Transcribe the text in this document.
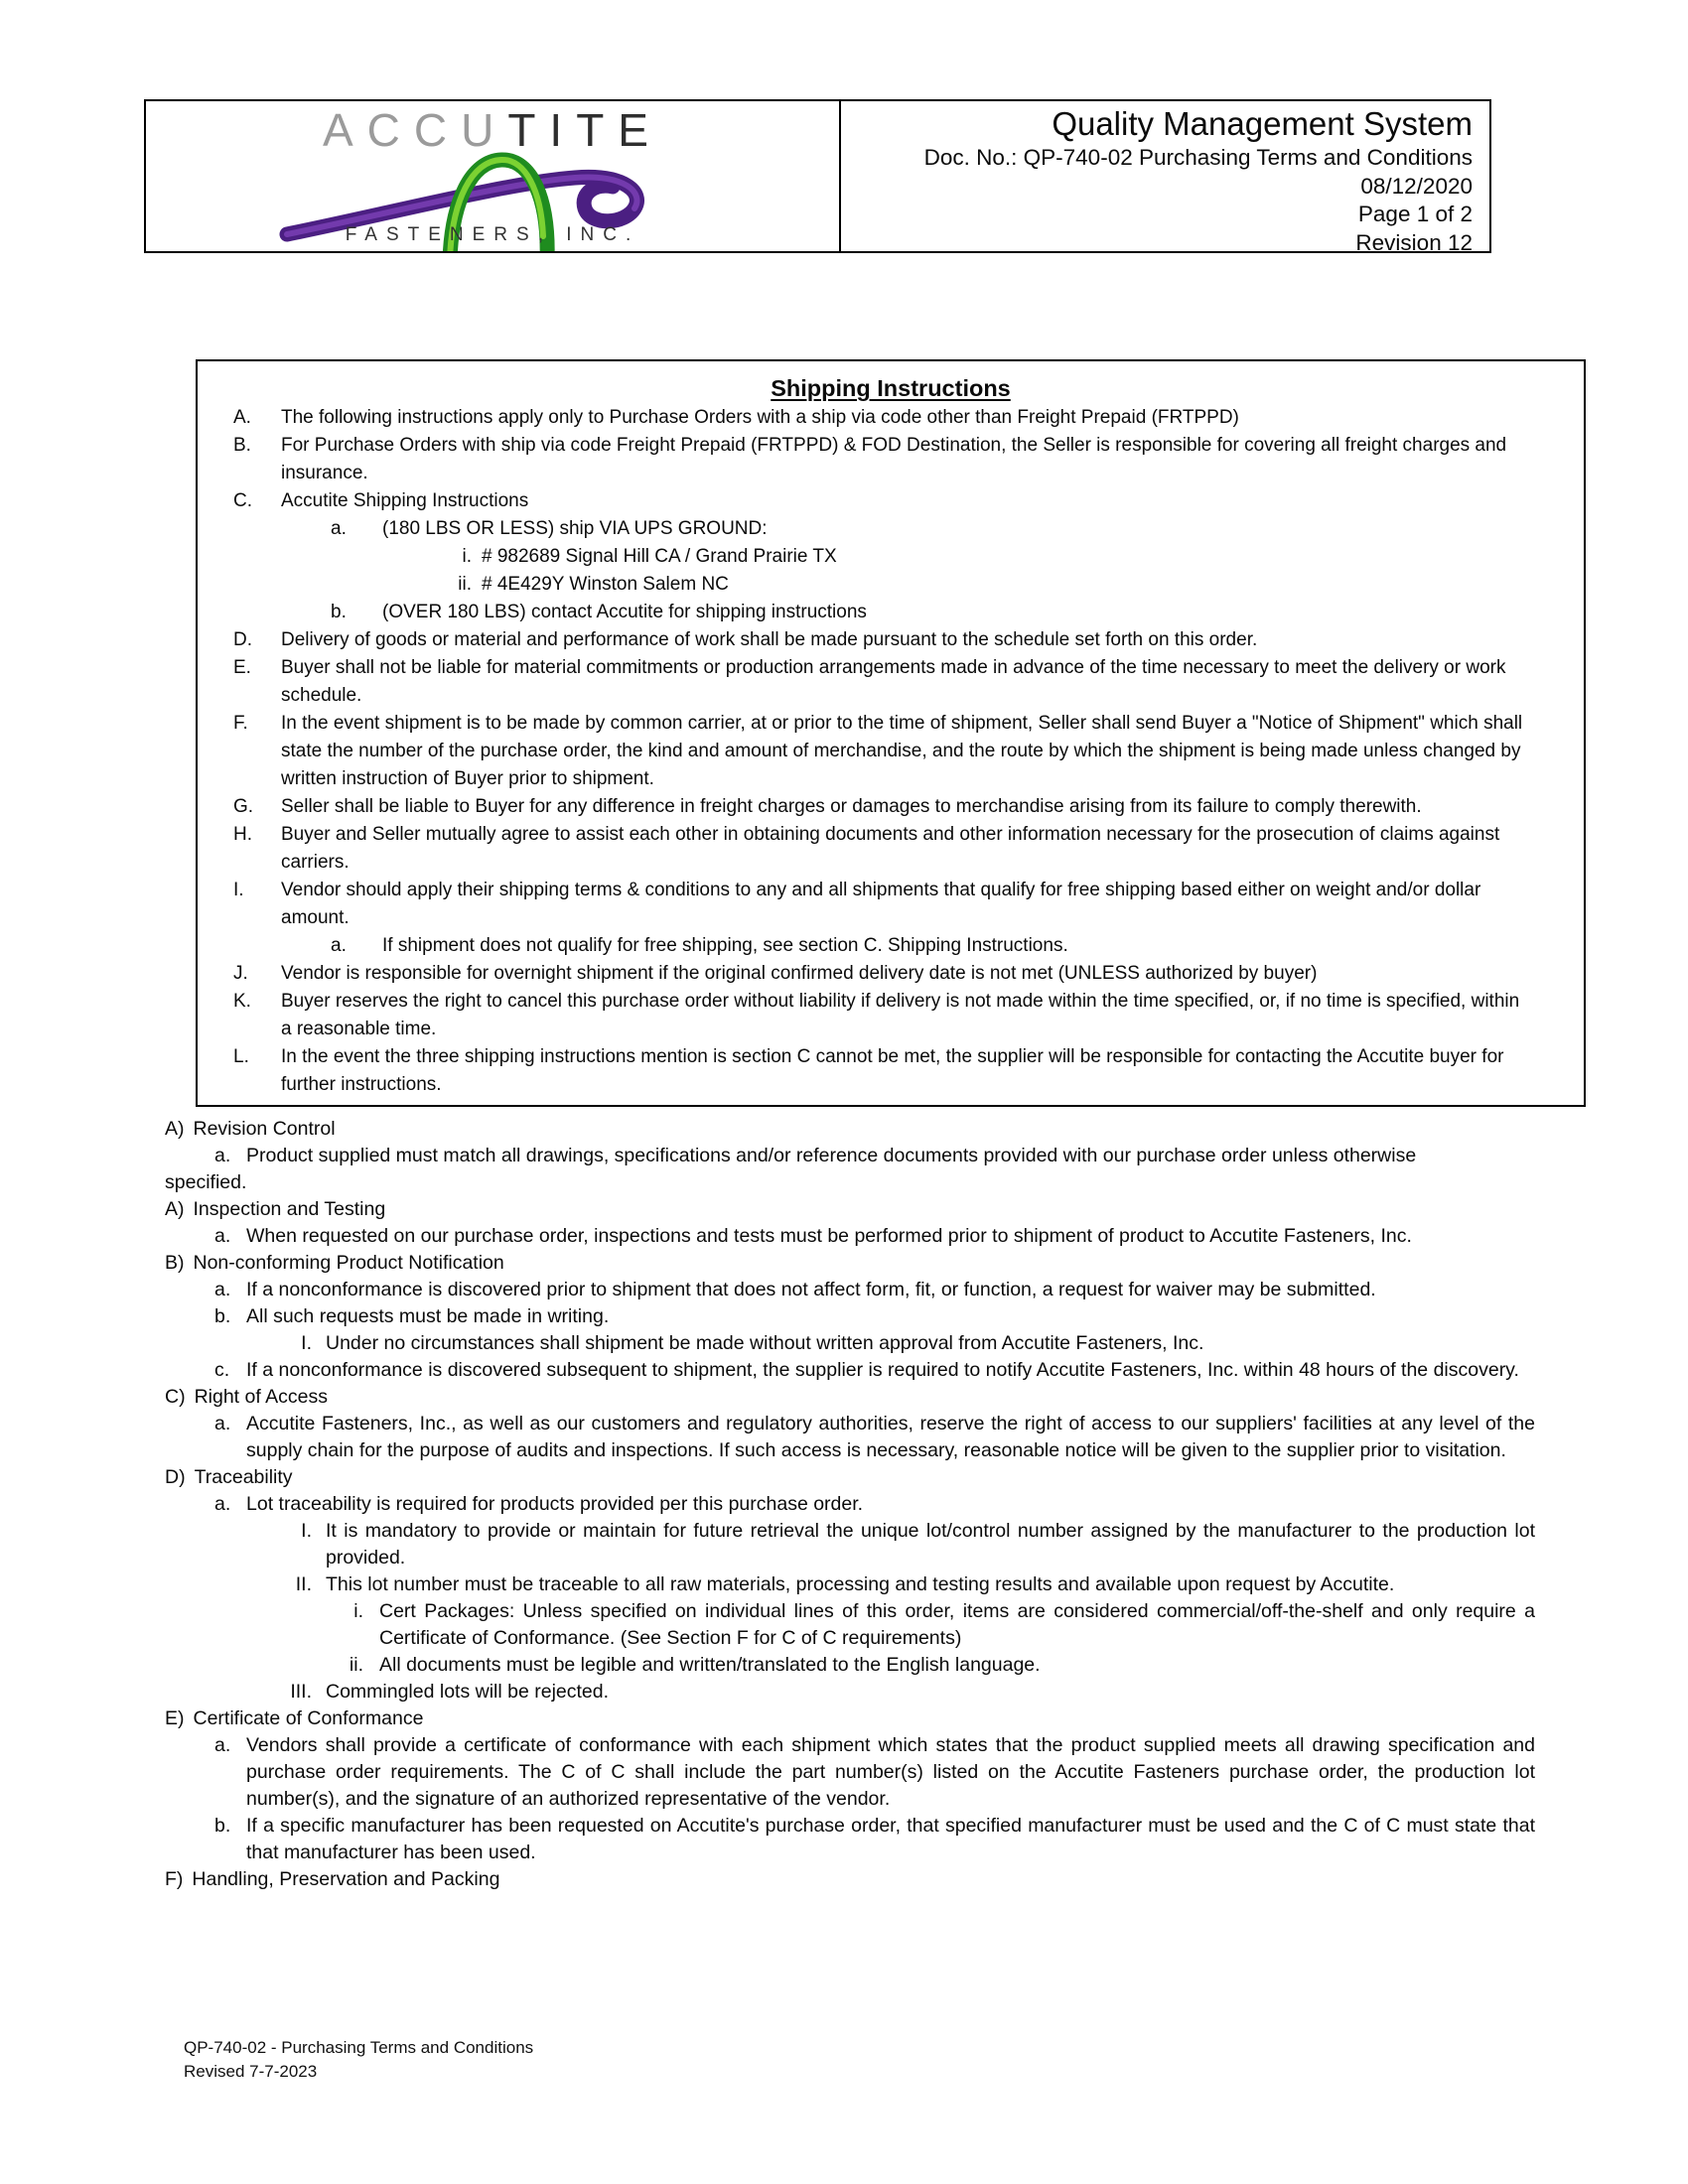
ACCUTITE
FASTENERS, INC.
Quality Management System
Doc. No.: QP-740-02 Purchasing Terms and Conditions
08/12/2020
Page 1 of 2
Revision 12
Shipping Instructions
A.	The following instructions apply only to Purchase Orders with a ship via code other than Freight Prepaid (FRTPPD)
B.	For Purchase Orders with ship via code Freight Prepaid (FRTPPD) & FOD Destination, the Seller is responsible for covering all freight charges and insurance.
C.	Accutite Shipping Instructions
a.	(180 LBS OR LESS) ship VIA UPS GROUND:
i. # 982689 Signal Hill CA / Grand Prairie TX
ii. # 4E429Y Winston Salem NC
b.	(OVER 180 LBS) contact Accutite for shipping instructions
D.	Delivery of goods or material and performance of work shall be made pursuant to the schedule set forth on this order.
E.	Buyer shall not be liable for material commitments or production arrangements made in advance of the time necessary to meet the delivery or work schedule.
F.	In the event shipment is to be made by common carrier, at or prior to the time of shipment, Seller shall send Buyer a "Notice of Shipment" which shall state the number of the purchase order, the kind and amount of merchandise, and the route by which the shipment is being made unless changed by written instruction of Buyer prior to shipment.
G.	Seller shall be liable to Buyer for any difference in freight charges or damages to merchandise arising from its failure to comply therewith.
H.	Buyer and Seller mutually agree to assist each other in obtaining documents and other information necessary for the prosecution of claims against carriers.
I.	Vendor should apply their shipping terms & conditions to any and all shipments that qualify for free shipping based either on weight and/or dollar amount.
a.	If shipment does not qualify for free shipping, see section C. Shipping Instructions.
J.	Vendor is responsible for overnight shipment if the original confirmed delivery date is not met (UNLESS authorized by buyer)
K.	Buyer reserves the right to cancel this purchase order without liability if delivery is not made within the time specified, or, if no time is specified, within a reasonable time.
L.	In the event the three shipping instructions mention is section C cannot be met, the supplier will be responsible for contacting the Accutite buyer for further instructions.
A) Revision Control
a. Product supplied must match all drawings, specifications and/or reference documents provided with our purchase order unless otherwise
specified.
A) Inspection and Testing
a. When requested on our purchase order, inspections and tests must be performed prior to shipment of product to Accutite Fasteners, Inc.
B) Non-conforming Product Notification
a. If a nonconformance is discovered prior to shipment that does not affect form, fit, or function, a request for waiver may be submitted.
b. All such requests must be made in writing.
I. Under no circumstances shall shipment be made without written approval from Accutite Fasteners, Inc.
c. If a nonconformance is discovered subsequent to shipment, the supplier is required to notify Accutite Fasteners, Inc. within 48 hours of the discovery.
C) Right of Access
a. Accutite Fasteners, Inc., as well as our customers and regulatory authorities, reserve the right of access to our suppliers' facilities at any level of the supply chain for the purpose of audits and inspections. If such access is necessary, reasonable notice will be given to the supplier prior to visitation.
D) Traceability
a. Lot traceability is required for products provided per this purchase order.
I. It is mandatory to provide or maintain for future retrieval the unique lot/control number assigned by the manufacturer to the production lot provided.
II. This lot number must be traceable to all raw materials, processing and testing results and available upon request by Accutite.
i. Cert Packages: Unless specified on individual lines of this order, items are considered commercial/off-the-shelf and only require a Certificate of Conformance. (See Section F for C of C requirements)
ii. All documents must be legible and written/translated to the English language.
III. Commingled lots will be rejected.
E) Certificate of Conformance
a. Vendors shall provide a certificate of conformance with each shipment which states that the product supplied meets all drawing specification and purchase order requirements. The C of C shall include the part number(s) listed on the Accutite Fasteners purchase order, the production lot number(s), and the signature of an authorized representative of the vendor.
b. If a specific manufacturer has been requested on Accutite's purchase order, that specified manufacturer must be used and the C of C must state that that manufacturer has been used.
F) Handling, Preservation and Packing
QP-740-02 - Purchasing Terms and Conditions
Revised 7-7-2023
